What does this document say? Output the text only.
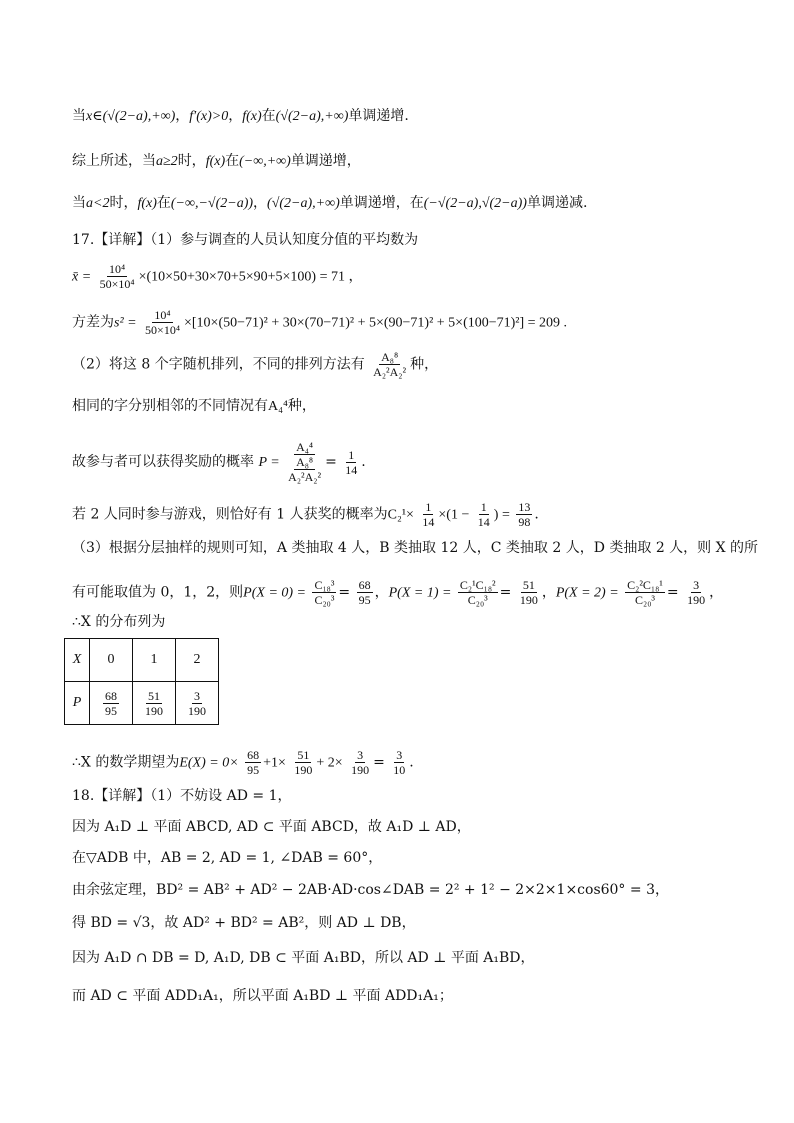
当x∈(√(2−a),+∞)，f′(x)>0，f(x)在(√(2−a),+∞)单调递增.
综上所述，当a≥2时，f(x)在(−∞,+∞)单调递增，
当a<2时，f(x)在(−∞,−√(2−a))，(√(2−a),+∞)单调递增，在(−√(2−a),√(2−a))单调递减.
17.【详解】（1）参与调查的人员认知度分值的平均数为
x̄ = $\frac{\text{10⁴}}{\text{50×10⁴}} \times(10\times 50+30\times 70+5\times 90+5\times 100) = 71$ ，
方差为$s^2 = \frac{\text{10⁴}}{\text{50×10⁴}} \times[10\times(50-71)^2 + 30\times(70-71)^2 + 5\times(90-71)^2 + 5\times(100-71)^2] = 209$ .
（2）将这 8 个字随机排列，不同的排列方法有 $\frac{\text{A₈⁸}}{\text{A₂²A₂²}}$ 种，
相同的字分别相邻的不同情况有A₄⁴种，
故参与者可以获得奖励的概率 P = A₄⁴
A₈⁸
$A_2^2A_2^2 = \frac{1}{14}$ .
若 2 人同时参与游戏，则恰好有 1 人获奖的概率为$C_2^1\times \frac{1}{14} \times(1 - \frac{1}{14}$ ) = $\frac{13}{98}$ .
（3）根据分层抽样的规则可知，A 类抽取 4 人，B 类抽取 12 人，C 类抽取 2 人，D 类抽取 2 人，则 X 的所
有可能取值为 0，1，2，则$P(X = 0) = \frac{\text{C₁₈³}}{\text{C₂₀³}} = \frac{68}{95}$ ，$P(X = 1) = \frac{\text{C₂¹C₁₈²}}{\text{C₂₀³}} = \frac{51}{190}$ ，$P(X = 2) = \frac{\text{C₂²C₁₈¹}}{\text{C₂₀³}} = \frac{3}{190}$ ，
∴X 的分布列为
X	0	1	2
P	$\frac{68}{95}$	$\frac{51}{190}$	$\frac{3}{190}$
∴X 的数学期望为$E(X) = 0\times \frac{68}{95} +1\times \frac{51}{190} + 2\times \frac{3}{190} = \frac{3}{10}$ .
18.【详解】（1）不妨设 AD = 1，
因为 A₁D ⊥ 平面 ABCD, AD ⊂ 平面 ABCD，故 A₁D ⊥ AD，
在▽ADB 中，AB = 2, AD = 1, ∠DAB = 60°，
由余弦定理，BD² = AB² + AD² − 2AB·AD·cos∠DAB = 2² + 1² − 2×2×1×cos60° = 3，
得 BD = √3，故 AD² + BD² = AB²，则 AD ⊥ DB，
因为 A₁D ∩ DB = D, A₁D, DB ⊂ 平面 A₁BD，所以 AD ⊥ 平面 A₁BD，
而 AD ⊂ 平面 ADD₁A₁，所以平面 A₁BD ⊥ 平面 ADD₁A₁；
